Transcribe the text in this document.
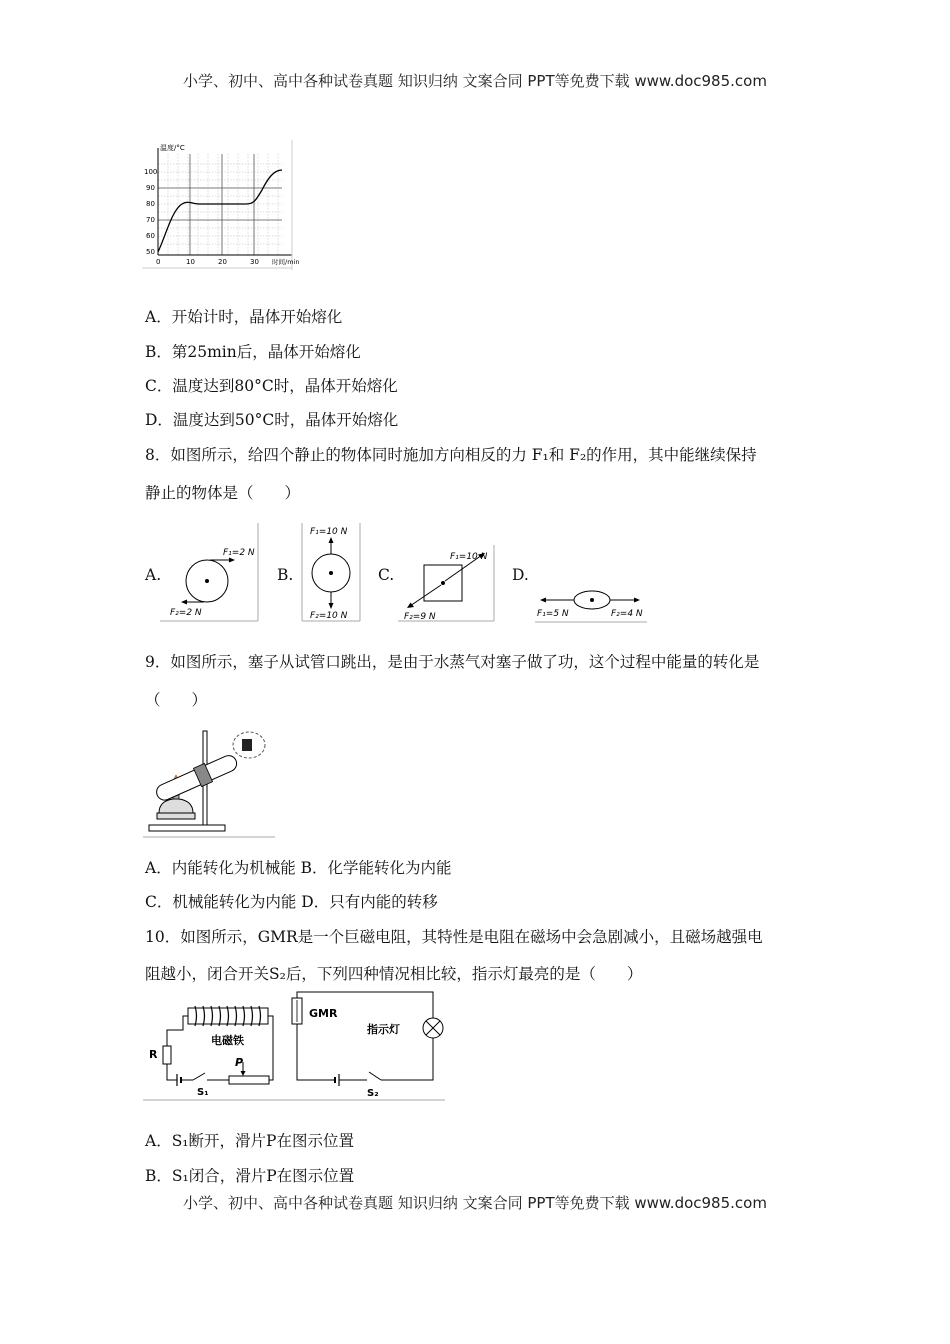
小学、初中、高中各种试卷真题 知识归纳 文案合同 PPT等免费下载 www.doc985.com
温度/°C
时间/min
100
90
80
70
60
50
0	10	20	30
A．开始计时，晶体开始熔化
B．第25min后，晶体开始熔化
C．温度达到80°C时，晶体开始熔化
D．温度达到50°C时，晶体开始熔化
8．如图所示，给四个静止的物体同时施加方向相反的力 F₁和 F₂的作用，其中能继续保持
静止的物体是（　　）
A.
F₁=2 N
F₂=2 N
B.
F₁=10 N
F₂=10 N
C.
F₁=10 N
F₂=9 N
D.
F₁=5 N	F₂=4 N
9．如图所示，塞子从试管口跳出，是由于水蒸气对塞子做了功，这个过程中能量的转化是
（　　）
A．内能转化为机械能 B．化学能转化为内能
C．机械能转化为内能 D．只有内能的转移
10．如图所示，GMR是一个巨磁电阻，其特性是电阻在磁场中会急剧减小，且磁场越强电
阻越小，闭合开关S₂后，下列四种情况相比较，指示灯最亮的是（　　）
R
电磁铁
P
S₁
GMR
指示灯
S₂
A．S₁断开，滑片P在图示位置
B．S₁闭合，滑片P在图示位置
小学、初中、高中各种试卷真题 知识归纳 文案合同 PPT等免费下载 www.doc985.com
